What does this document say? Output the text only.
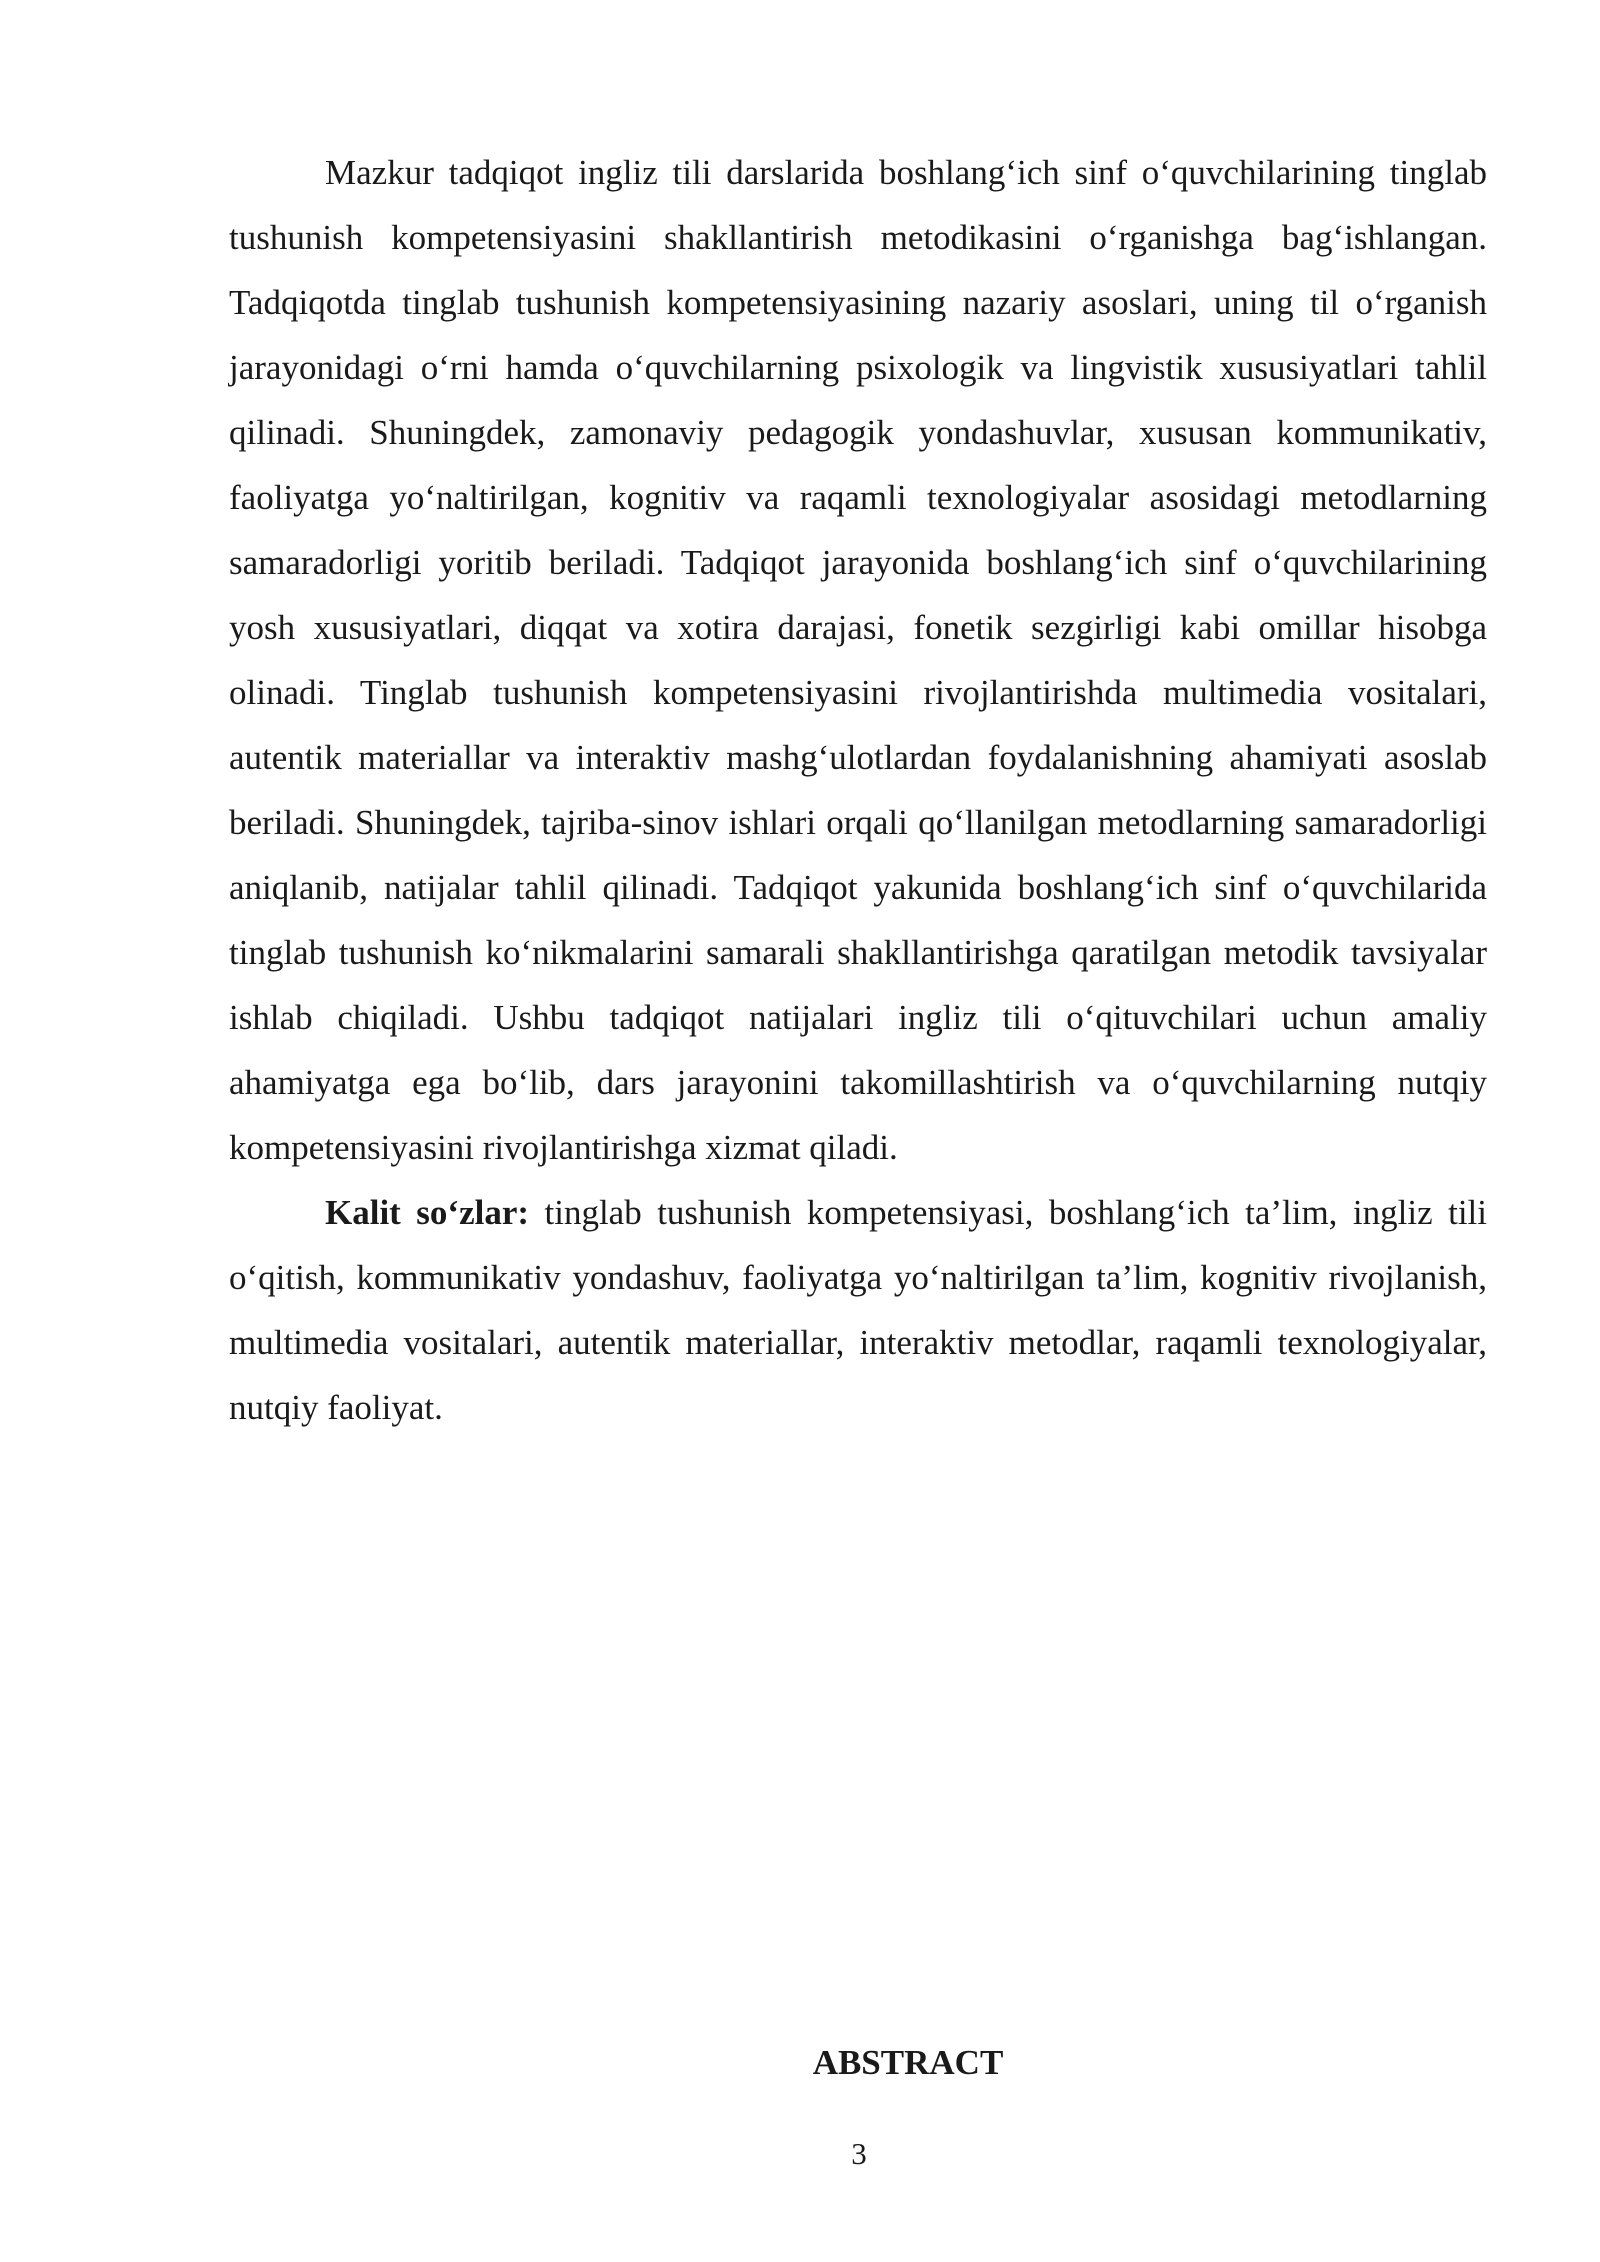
Mazkur tadqiqot ingliz tili darslarida boshlang‘ich sinf o‘quvchilarining tinglab tushunish kompetensiyasini shakllantirish metodikasini o‘rganishga bag‘ishlangan. Tadqiqotda tinglab tushunish kompetensiyasining nazariy asoslari, uning til o‘rganish jarayonidagi o‘rni hamda o‘quvchilarning psixologik va lingvistik xususiyatlari tahlil qilinadi. Shuningdek, zamonaviy pedagogik yondashuvlar, xususan kommunikativ, faoliyatga yo‘naltirilgan, kognitiv va raqamli texnologiyalar asosidagi metodlarning samaradorligi yoritib beriladi. Tadqiqot jarayonida boshlang‘ich sinf o‘quvchilarining yosh xususiyatlari, diqqat va xotira darajasi, fonetik sezgirligi kabi omillar hisobga olinadi. Tinglab tushunish kompetensiyasini rivojlantirishda multimedia vositalari, autentik materiallar va interaktiv mashg‘ulotlardan foydalanishning ahamiyati asoslab beriladi. Shuningdek, tajriba-sinov ishlari orqali qo‘llanilgan metodlarning samaradorligi aniqlanib, natijalar tahlil qilinadi. Tadqiqot yakunida boshlang‘ich sinf o‘quvchilarida tinglab tushunish ko‘nikmalarini samarali shakllantirishga qaratilgan metodik tavsiyalar ishlab chiqiladi. Ushbu tadqiqot natijalari ingliz tili o‘qituvchilari uchun amaliy ahamiyatga ega bo‘lib, dars jarayonini takomillashtirish va o‘quvchilarning nutqiy kompetensiyasini rivojlantirishga xizmat qiladi.

Kalit so‘zlar: tinglab tushunish kompetensiyasi, boshlang‘ich ta’lim, ingliz tili o‘qitish, kommunikativ yondashuv, faoliyatga yo‘naltirilgan ta’lim, kognitiv rivojlanish, multimedia vositalari, autentik materiallar, interaktiv metodlar, raqamli texnologiyalar, nutqiy faoliyat.

ABSTRACT
3
